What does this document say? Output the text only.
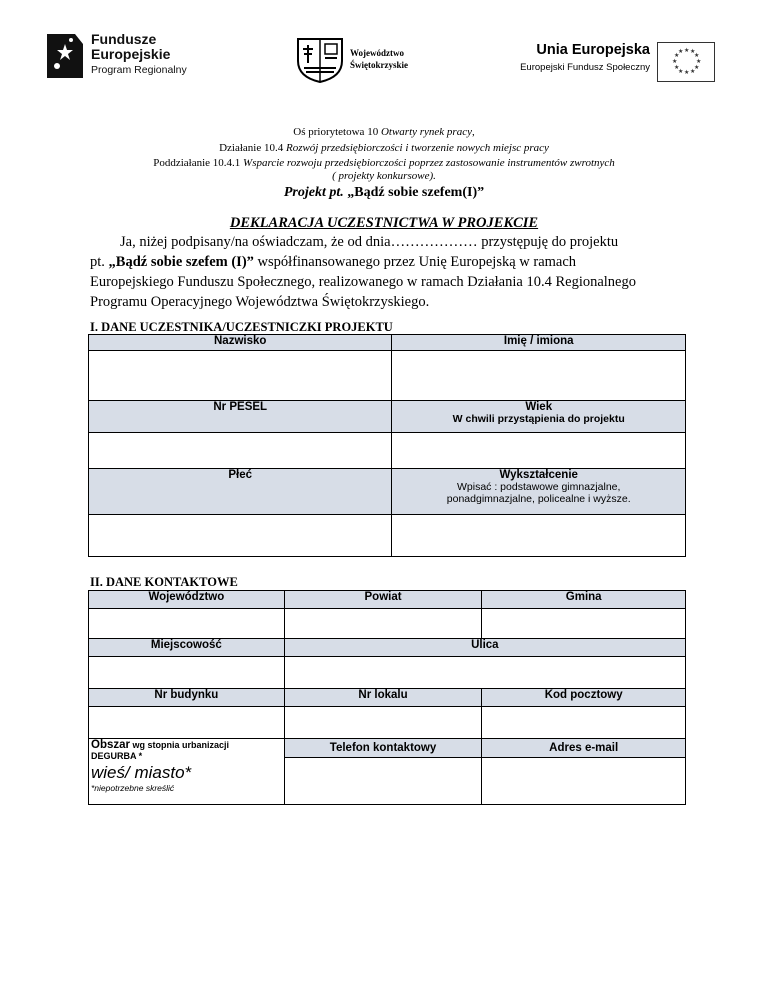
Fundusze
Europejskie
Program Regionalny
Województwo
Świętokrzyskie
Unia Europejska
Europejski Fundusz Społeczny
★ ★
★
★
★
★
★
★
★
★
★
★
Oś priorytetowa 10 Otwarty rynek pracy,
Działanie 10.4 Rozwój przedsiębiorczości i tworzenie nowych miejsc pracy
Poddziałanie 10.4.1 Wsparcie rozwoju przedsiębiorczości poprzez zastosowanie instrumentów zwrotnych
( projekty konkursowe).
Projekt pt. „Bądź sobie szefem(I)”
DEKLARACJA UCZESTNICTWA W PROJEKCIE
Ja, niżej podpisany/na oświadczam, że od dnia……………… przystępuję do projektu
pt. „Bądź sobie szefem (I)” współfinansowanego przez Unię Europejską w ramach
Europejskiego Funduszu Społecznego, realizowanego w ramach Działania 10.4 Regionalnego
Programu Operacyjnego Województwa Świętokrzyskiego.
I. DANE UCZESTNIKA/UCZESTNICZKI PROJEKTU
Nazwisko	Imię / imiona

Nr PESEL	Wiek
W chwili przystąpienia do projektu

Płeć	Wykształcenie
Wpisać : podstawowe gimnazjalne,
ponadgimnazjalne, policealne i wyższe.

II. DANE KONTAKTOWE
Województwo	Powiat	Gmina

Miejscowość	Ulica	

Nr budynku	Nr lokalu	Kod pocztowy

Obszar wg stopnia urbanizacji
DEGURBA *
wieś/ miasto*
*niepotrzebne skreślić	Telefon kontaktowy	Adres e-mail
